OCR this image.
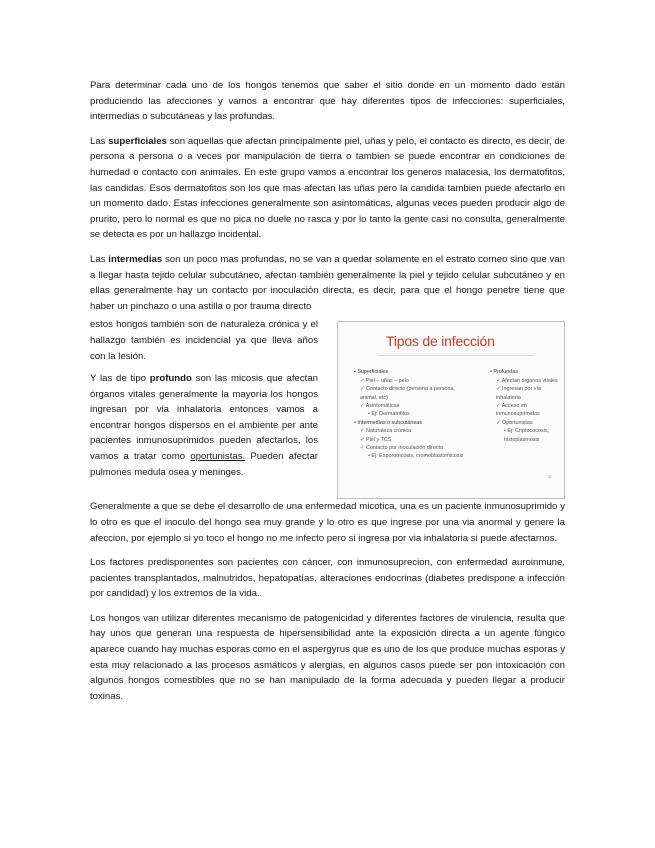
Para determinar cada uno de los hongos tenemos que saber el sitio donde en un momento dado están produciendo las afecciones y vamos a encontrar que hay diferentes tipos de infecciones: superficiales, intermedias o subcutáneas y las profundas.

Las superficiales son aquellas que afectan principalmente piel, uñas y pelo, el contacto es directo, es decir, de persona a persona o a veces por manipulación de tierra o tambien se puede encontrar en condiciones de humedad o contacto con animales. En este grupo vamos a encontrar los generos malacesia, los dermatofitos, las candidas. Esos dermatofitos son los que mas afectan las uñas pero la candida tambien puede afectarlo en un momento dado. Estas infecciones generalmente son asintomáticas, algunas veces pueden producir algo de prurito, pero lo normal es que no pica no duele no rasca y por lo tanto la gente casi no consulta, generalmente se detecta es por un hallazgo incidental.

Las intermedias son un poco mas profundas, no se van a quedar solamente en el estrato corneo sino que van a llegar hasta tejido celular subcutáneo, afectan también generalmente la piel y tejido celular subcutáneo y en ellas generalmente hay un contacto por inoculación directa, es decir, para que el hongo penetre tiene que haber un pinchazo o una astilla o por trauma directo

estos hongos también son de naturaleza crónica y el hallazgo también es incidencial ya que lleva años con la lesión.

Y las de tipo profundo son las micosis que afectan órganos vitales generalmente la mayoría los hongos ingresan por via inhalatoria entonces vamos a encontrar hongos dispersos en el ambiente per ante pacientes inmunosuprimidos pueden afectarlos, los vamos a tratar como oportunistas. Pueden afectar pulmones medula osea y meninges.

Tipos de infección
• Superficiales
✓ Piel – uñas – pelo
✓ Contacto directo (persona a persona, animal, etc)
✓ Asintomáticas
• Ej: Dermatofitos
• Intermedias o subcutáneas
✓ Naturaleza crónica
✓ Piel y TCS
✓ Contacto por inoculación directa
• Ej: Esporotricosis, cromoblastomicosis
• Profundas
✓ Afectan órganos vitales
✓ Ingresan por vía inhalatoria
✓ Acceso en inmunosuprimidos
✓ Oportunistas
• Ej: Criptococosis, histoplasmosis
11

Generalmente a que se debe el desarrollo de una enfermedad micotica, una es un paciente inmunosuprimido y lo otro es que el inoculo del hongo sea muy grande y lo otro es que ingrese por una via anormal y genere la afeccion, por ejemplo si yo toco el hongo no me infecto pero si ingresa por via inhalatoria si puede afectarnos.

Los factores predisponentes son pacientes con cáncer, con inmunosuprecion, con enfermedad auroinmune, pacientes transplantados, malnutridos, hepatopatías, alteraciones endocrinas (diabetes predispone a infección por candidad) y los extremos de la vida.

Los hongos van utilizar diferentes mecanismo de patogenicidad y diferentes factores de virulencia, resulta que hay unos que generan una respuesta de hipersensibilidad ante la exposición directa a un agente fúngico aparece cuando hay muchas esporas como en el aspergyrus que es uno de los que produce muchas esporas y esta muy relacionado a las procesos asmáticos y alergias, en algunos casos puede ser pon intoxicación con algunos hongos comestibles que no se han manipulado de la forma adecuada y pueden llegar a producir toxinas.
